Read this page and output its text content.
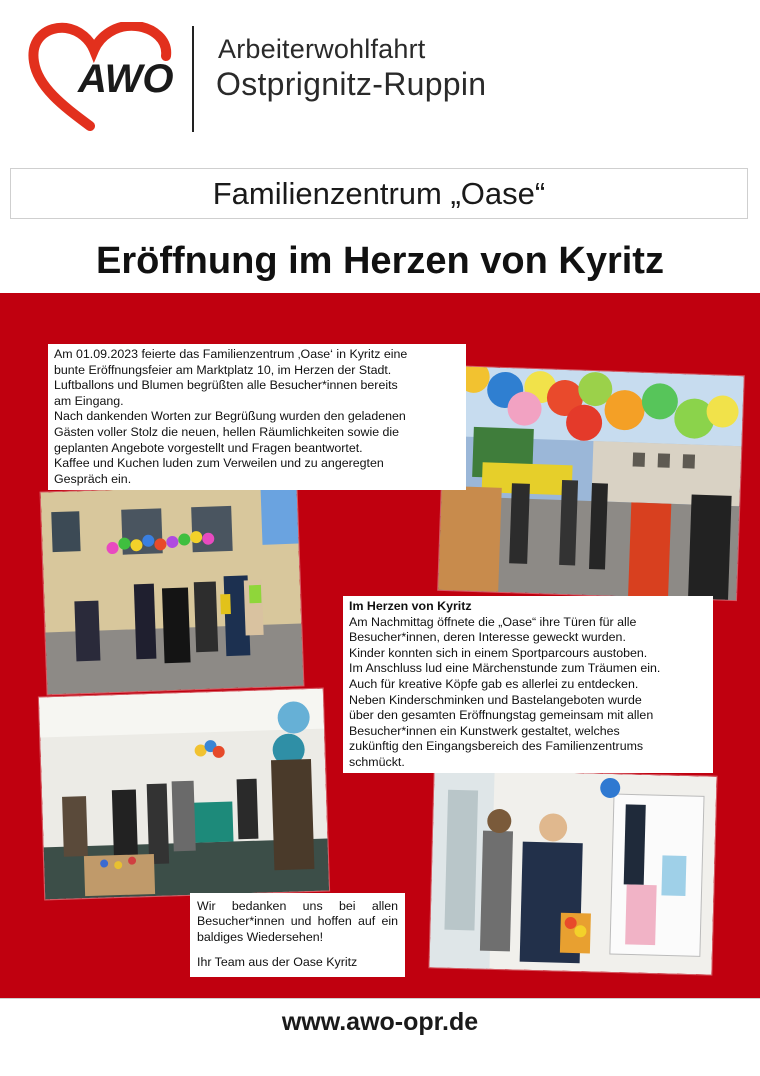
AWO
Arbeiterwohlfahrt
Ostprignitz-Ruppin
Familienzentrum „Oase“
Eröffnung im Herzen von Kyritz
Am 01.09.2023 feierte das Familienzentrum ‚Oase‘ in Kyritz eine
bunte Eröffnungsfeier am Marktplatz 10, im Herzen der Stadt.
Luftballons und Blumen begrüßten alle Besucher*innen bereits
am Eingang.
Nach dankenden Worten zur Begrüßung wurden den geladenen
Gästen voller Stolz die neuen, hellen Räumlichkeiten sowie die
geplanten Angebote vorgestellt und Fragen beantwortet.
Kaffee und Kuchen luden zum Verweilen und zu angeregten
Gespräch ein.
Im Herzen von Kyritz
Am Nachmittag öffnete die „Oase“ ihre Türen für alle
Besucher*innen, deren Interesse geweckt wurden.
Kinder konnten sich in einem Sportparcours austoben.
Im Anschluss lud eine Märchenstunde zum Träumen ein.
Auch für kreative Köpfe gab es allerlei zu entdecken.
Neben Kinderschminken und Bastelangeboten wurde
über den gesamten Eröffnungstag gemeinsam mit allen
Besucher*innen ein Kunstwerk gestaltet, welches
zukünftig den Eingangsbereich des Familienzentrums
schmückt.
Wir bedanken uns bei allen Besucher*innen und hoffen auf ein baldiges Wiedersehen!
Ihr Team aus der Oase Kyritz
www.awo-opr.de
